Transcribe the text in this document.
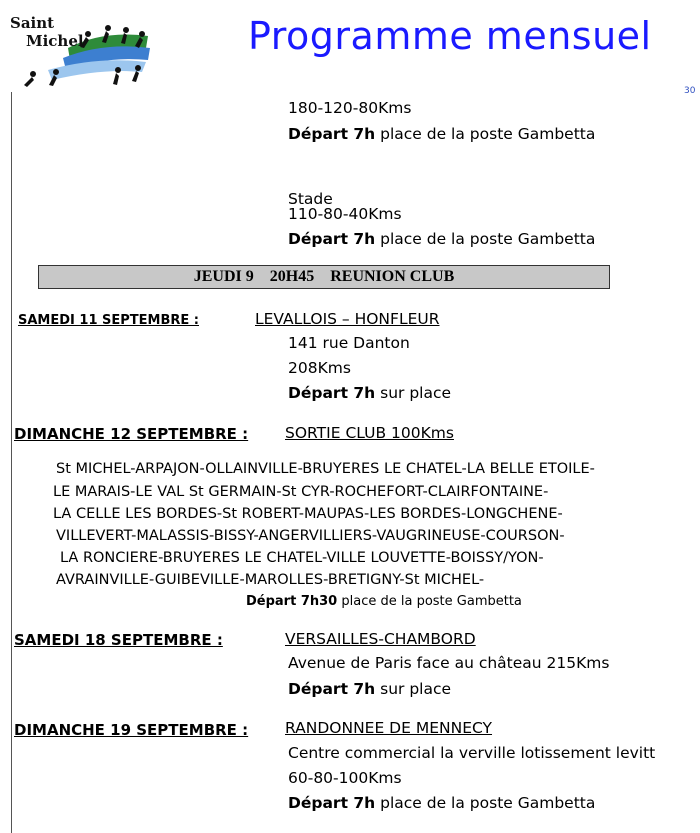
Saint
Michel	Programme mensuel
30
180-120-80Kms
Départ 7h place de la poste Gambetta
Stade
110-80-40Kms
Départ 7h place de la poste Gambetta
JEUDI 9 20H45 REUNION CLUB
SAMEDI 11 SEPTEMBRE :	LEVALLOIS – HONFLEUR
141 rue Danton
208Kms
Départ 7h sur place
DIMANCHE 12 SEPTEMBRE : SORTIE CLUB 100Kms
St MICHEL-ARPAJON-OLLAINVILLE-BRUYERES LE CHATEL-LA BELLE ETOILE-
LE MARAIS-LE VAL St GERMAIN-St CYR-ROCHEFORT-CLAIRFONTAINE-
LA CELLE LES BORDES-St ROBERT-MAUPAS-LES BORDES-LONGCHENE-
VILLEVERT-MALASSIS-BISSY-ANGERVILLIERS-VAUGRINEUSE-COURSON-
LA RONCIERE-BRUYERES LE CHATEL-VILLE LOUVETTE-BOISSY/YON-
AVRAINVILLE-GUIBEVILLE-MAROLLES-BRETIGNY-St MICHEL-
Départ 7h30 place de la poste Gambetta
SAMEDI 18 SEPTEMBRE :	VERSAILLES-CHAMBORD
Avenue de Paris face au château 215Kms
Départ 7h sur place
DIMANCHE 19 SEPTEMBRE : RANDONNEE DE MENNECY
Centre commercial la verville lotissement levitt
60-80-100Kms
Départ 7h place de la poste Gambetta
